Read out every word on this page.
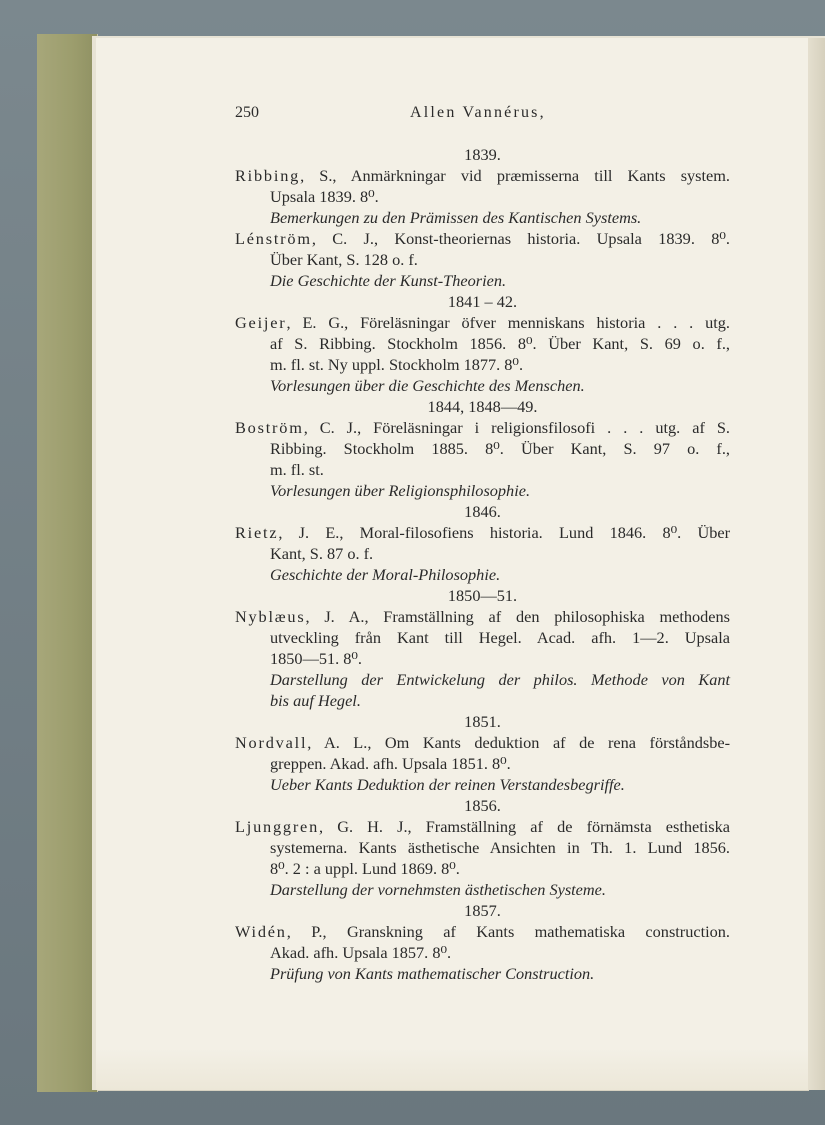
250	Allen Vannérus,
1839.
Ribbing, S., Anmärkningar vid præmisserna till Kants system.
Upsala 1839. 8⁰.
Bemerkungen zu den Prämissen des Kantischen Systems.
Lénström, C. J., Konst-theoriernas historia. Upsala 1839. 8⁰.
Über Kant, S. 128 o. f.
Die Geschichte der Kunst-Theorien.
1841 – 42.
Geijer, E. G., Föreläsningar öfver menniskans historia . . . utg.
af S. Ribbing. Stockholm 1856. 8⁰. Über Kant, S. 69 o. f.,
m. fl. st. Ny uppl. Stockholm 1877. 8⁰.
Vorlesungen über die Geschichte des Menschen.
1844, 1848—49.
Boström, C. J., Föreläsningar i religionsfilosofi . . . utg. af S.
Ribbing. Stockholm 1885. 8⁰. Über Kant, S. 97 o. f.,
m. fl. st.
Vorlesungen über Religionsphilosophie.
1846.
Rietz, J. E., Moral-filosofiens historia. Lund 1846. 8⁰. Über
Kant, S. 87 o. f.
Geschichte der Moral-Philosophie.
1850—51.
Nyblæus, J. A., Framställning af den philosophiska methodens
utveckling från Kant till Hegel. Acad. afh. 1—2. Upsala
1850—51. 8⁰.
Darstellung der Entwickelung der philos. Methode von Kant
bis auf Hegel.
1851.
Nordvall, A. L., Om Kants deduktion af de rena förståndsbe-
greppen. Akad. afh. Upsala 1851. 8⁰.
Ueber Kants Deduktion der reinen Verstandesbegriffe.
1856.
Ljunggren, G. H. J., Framställning af de förnämsta esthetiska
systemerna. Kants ästhetische Ansichten in Th. 1. Lund 1856.
8⁰. 2 : a uppl. Lund 1869. 8⁰.
Darstellung der vornehmsten ästhetischen Systeme.
1857.
Widén, P., Granskning af Kants mathematiska construction.
Akad. afh. Upsala 1857. 8⁰.
Prüfung von Kants mathematischer Construction.
